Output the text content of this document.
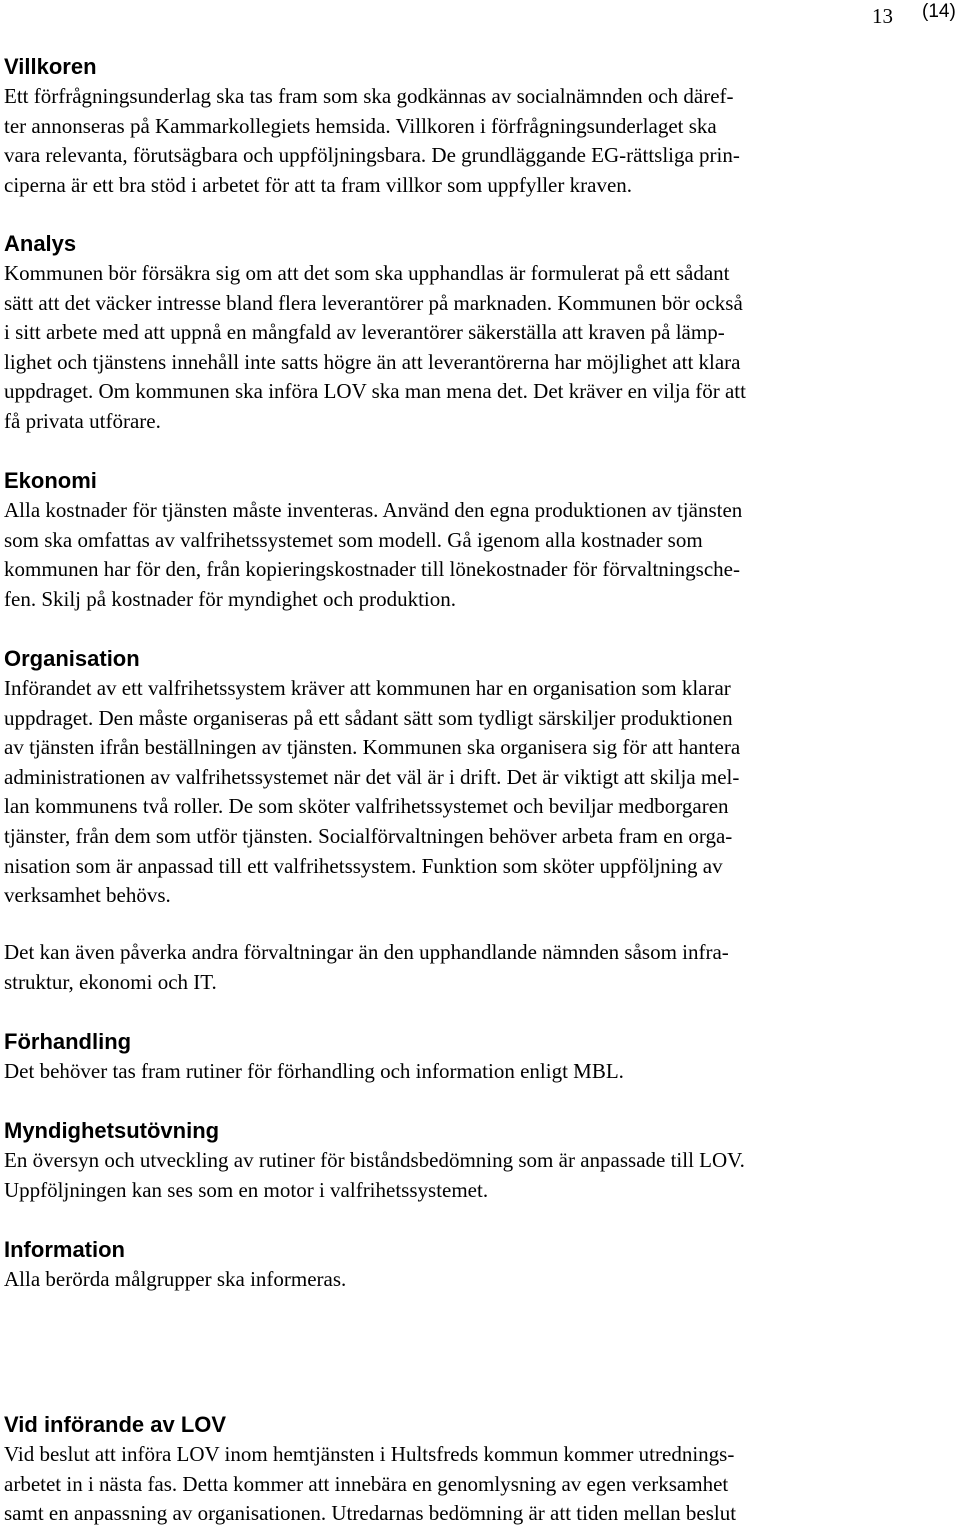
13 (14)
Villkoren

Ett förfrågningsunderlag ska tas fram som ska godkännas av socialnämnden och däref-
ter annonseras på Kammarkollegiets hemsida. Villkoren i förfrågningsunderlaget ska
vara relevanta, förutsägbara och uppföljningsbara. De grundläggande EG-rättsliga prin-
ciperna är ett bra stöd i arbetet för att ta fram villkor som uppfyller kraven.

Analys

Kommunen bör försäkra sig om att det som ska upphandlas är formulerat på ett sådant
sätt att det väcker intresse bland flera leverantörer på marknaden. Kommunen bör också
i sitt arbete med att uppnå en mångfald av leverantörer säkerställa att kraven på lämp-
lighet och tjänstens innehåll inte satts högre än att leverantörerna har möjlighet att klara
uppdraget. Om kommunen ska införa LOV ska man mena det. Det kräver en vilja för att
få privata utförare.

Ekonomi

Alla kostnader för tjänsten måste inventeras. Använd den egna produktionen av tjänsten
som ska omfattas av valfrihetssystemet som modell. Gå igenom alla kostnader som
kommunen har för den, från kopieringskostnader till lönekostnader för förvaltningsche-
fen. Skilj på kostnader för myndighet och produktion.

Organisation

Införandet av ett valfrihetssystem kräver att kommunen har en organisation som klarar
uppdraget. Den måste organiseras på ett sådant sätt som tydligt särskiljer produktionen
av tjänsten ifrån beställningen av tjänsten. Kommunen ska organisera sig för att hantera
administrationen av valfrihetssystemet när det väl är i drift. Det är viktigt att skilja mel-
lan kommunens två roller. De som sköter valfrihetssystemet och beviljar medborgaren
tjänster, från dem som utför tjänsten. Socialförvaltningen behöver arbeta fram en orga-
nisation som är anpassad till ett valfrihetssystem. Funktion som sköter uppföljning av
verksamhet behövs.

Det kan även påverka andra förvaltningar än den upphandlande nämnden såsom infra-
struktur, ekonomi och IT.

Förhandling

Det behöver tas fram rutiner för förhandling och information enligt MBL.

Myndighetsutövning

En översyn och utveckling av rutiner för biståndsbedömning som är anpassade till LOV.
Uppföljningen kan ses som en motor i valfrihetssystemet.

Information

Alla berörda målgrupper ska informeras.

Vid införande av LOV

Vid beslut att införa LOV inom hemtjänsten i Hultsfreds kommun kommer utrednings-
arbetet in i nästa fas. Detta kommer att innebära en genomlysning av egen verksamhet
samt en anpassning av organisationen. Utredarnas bedömning är att tiden mellan beslut
